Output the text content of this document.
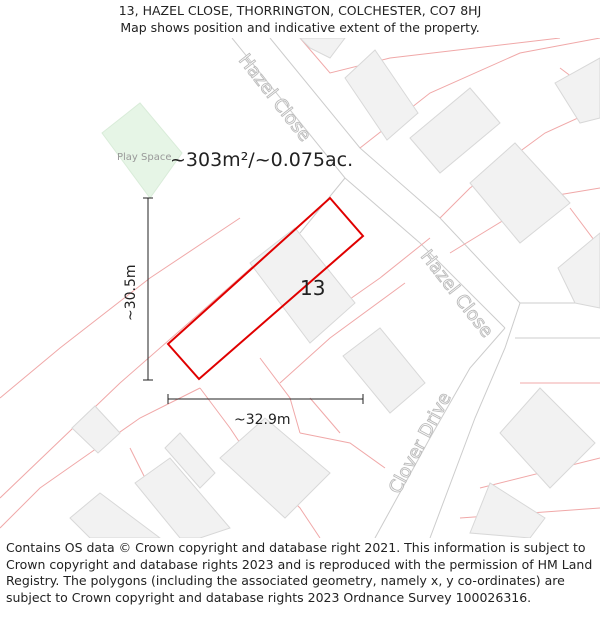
13, HAZEL CLOSE, THORRINGTON, COLCHESTER, CO7 8HJ
Map shows position and indicative extent of the property.
Play Space
Hazel Close
Hazel Close
Clover Drive
~30.5m
~32.9m
13
~303m²/~0.075ac.
Contains OS data © Crown copyright and database right 2021. This information is subject to Crown copyright and database rights 2023 and is reproduced with the permission of HM Land Registry. The polygons (including the associated geometry, namely x, y co-ordinates) are subject to Crown copyright and database rights 2023 Ordnance Survey 100026316.
